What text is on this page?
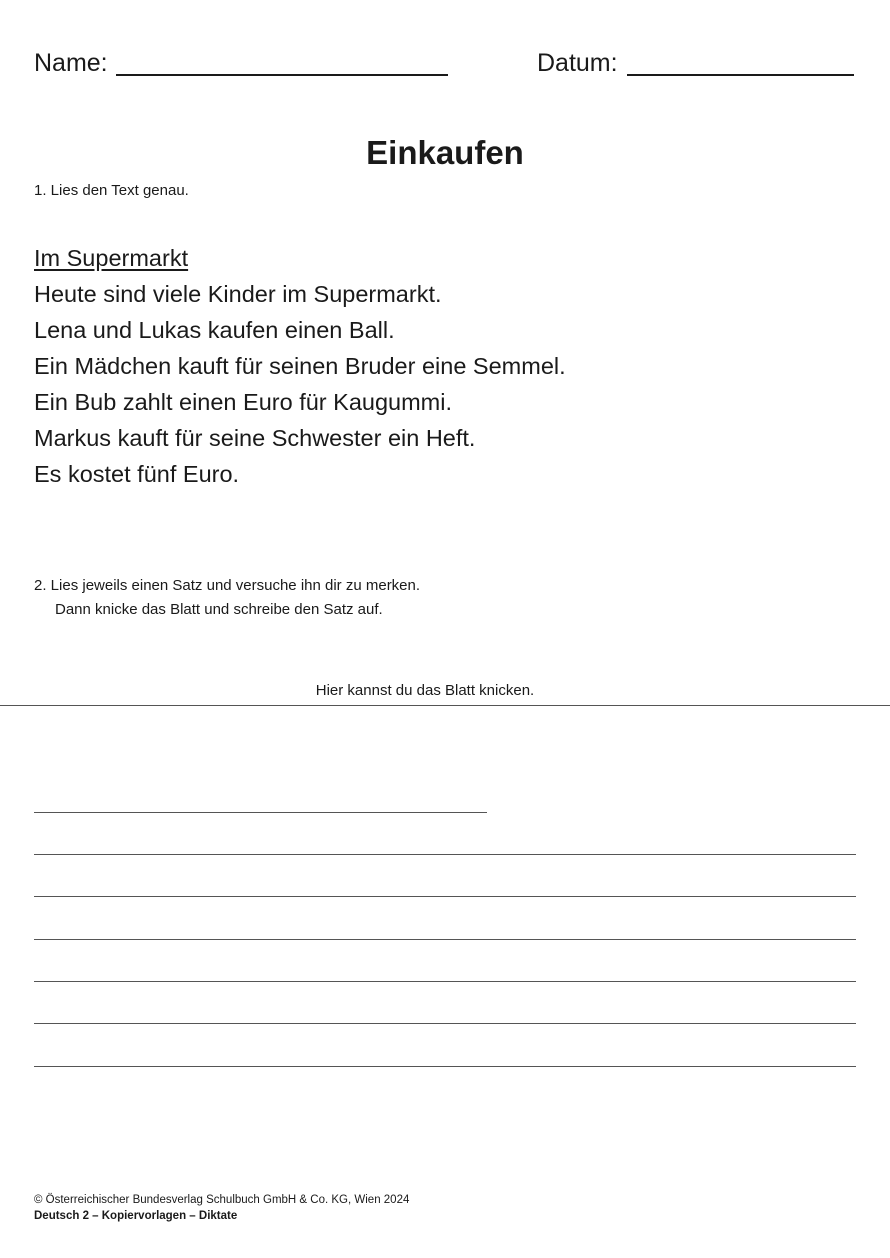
Name:	Datum:
Einkaufen
1. Lies den Text genau.
Im Supermarkt
Heute sind viele Kinder im Supermarkt.
Lena und Lukas kaufen einen Ball.
Ein Mädchen kauft für seinen Bruder eine Semmel.
Ein Bub zahlt einen Euro für Kaugummi.
Markus kauft für seine Schwester ein Heft.
Es kostet fünf Euro.
2. Lies jeweils einen Satz und versuche ihn dir zu merken.
Dann knicke das Blatt und schreibe den Satz auf.
Hier kannst du das Blatt knicken.
© Österreichischer Bundesverlag Schulbuch GmbH & Co. KG, Wien 2024
Deutsch 2 – Kopiervorlagen – Diktate
